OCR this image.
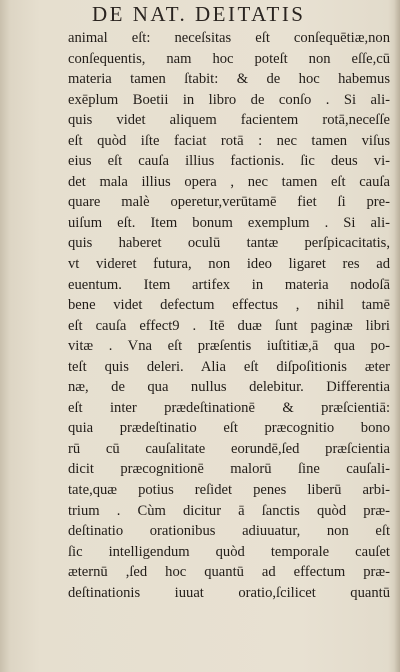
DE NAT. DEITATIS
animal eſt: neceſsitas eſt conſequētiæ,non
conſequentis, nam hoc poteſt non eſſe,cū
materia tamen ſtabit: & de hoc habemus
exēplum Boetii in libro de conſo . Si ali-
quis videt aliquem facientem rotā,neceſſe
eſt quòd iſte faciat rotā : nec tamen viſus
eius eſt cauſa illius factionis. ſic deus vi-
det mala illius opera , nec tamen eſt cauſa
quare malè operetur,verūtamē fiet ſi pre-
uiſum eſt. Item bonum exemplum . Si ali-
quis haberet oculū tantæ perſpicacitatis,
vt videret futura, non ideo ligaret res ad
euentum. Item artifex in materia nodoſā
bene videt defectum effectus , nihil tamē
eſt cauſa effect9 . Itē duæ ſunt paginæ libri
vitæ . Vna eſt præſentis iuſtitiæ,ā qua po-
teſt quis deleri. Alia eſt diſpoſitionis æter
næ, de qua nullus delebitur. Differentia
eſt inter prædeſtinationē & præſcientiā:
quia prædeſtinatio eſt præcognitio bono
rū cū cauſalitate eorundē,ſed præſcientia
dicit præcognitionē malorū ſine cauſali-
tate,quæ potius reſidet penes liberū arbi-
trium . Cùm dicitur ā ſanctis quòd præ-
deſtinatio orationibus adiuuatur, non eſt
ſic intelligendum quòd temporale cauſet
æternū ,ſed hoc quantū ad effectum præ-
deſtinationis iuuat oratio,ſcilicet quantū
